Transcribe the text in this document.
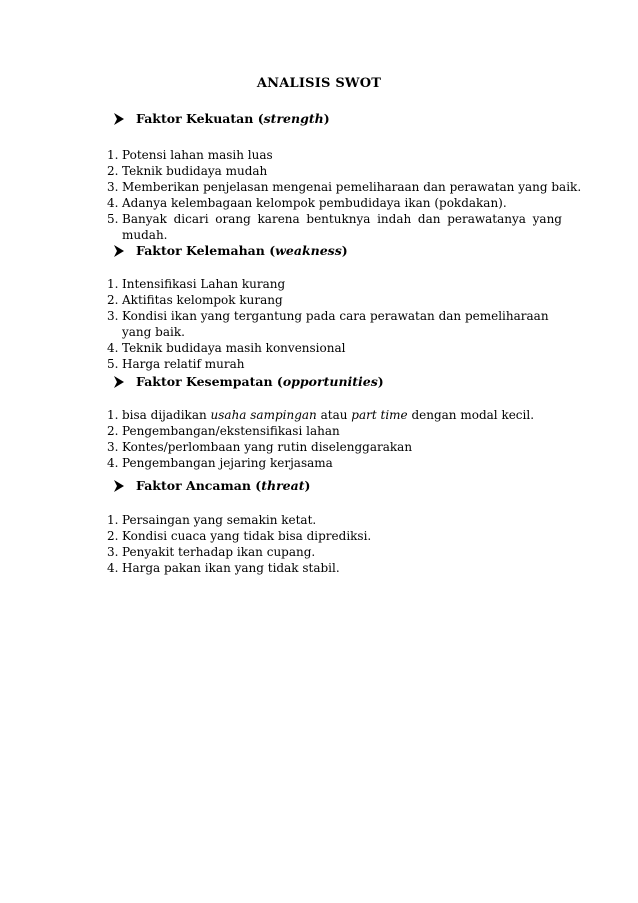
ANALISIS SWOT
Faktor Kekuatan (strength)
1. Potensi lahan masih luas
2. Teknik budidaya mudah
3. Memberikan penjelasan mengenai pemeliharaan dan perawatan yang baik.
4. Adanya kelembagaan kelompok pembudidaya ikan (pokdakan).
5. Banyak dicari orang karena bentuknya indah dan perawatanya yang mudah.
Faktor Kelemahan (weakness)
1. Intensifikasi Lahan kurang
2. Aktifitas kelompok kurang
3. Kondisi ikan yang tergantung pada cara perawatan dan pemeliharaan yang baik.
4. Teknik budidaya masih konvensional
5. Harga relatif murah
Faktor Kesempatan (opportunities)
1. bisa dijadikan usaha sampingan atau part time dengan modal kecil.
2. Pengembangan/ekstensifikasi lahan
3. Kontes/perlombaan yang rutin diselenggarakan
4. Pengembangan jejaring kerjasama
Faktor Ancaman (threat)
1. Persaingan yang semakin ketat.
2. Kondisi cuaca yang tidak bisa diprediksi.
3. Penyakit terhadap ikan cupang.
4. Harga pakan ikan yang tidak stabil.
